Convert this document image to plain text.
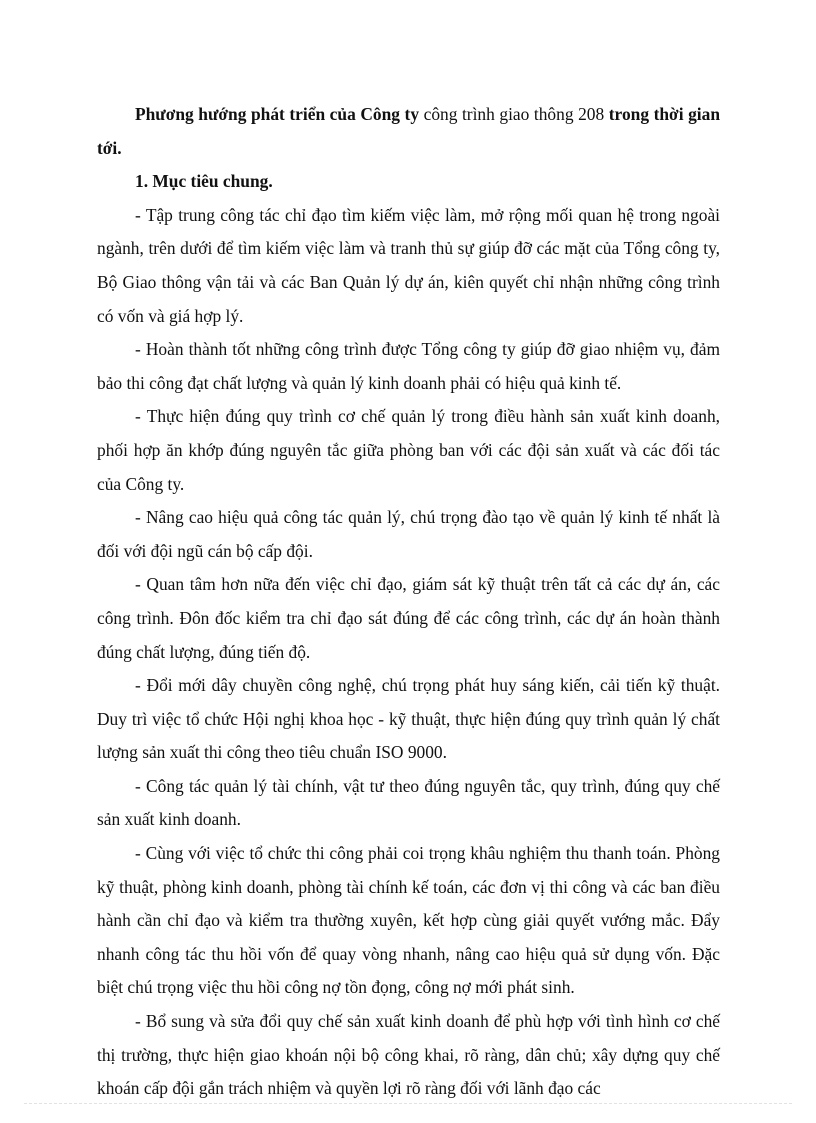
Phương hướng phát triển của Công ty công trình giao thông 208 trong thời gian tới.

1. Mục tiêu chung.

- Tập trung công tác chỉ đạo tìm kiếm việc làm, mở rộng mối quan hệ trong ngoài ngành, trên dưới để tìm kiếm việc làm và tranh thủ sự giúp đỡ các mặt của Tổng công ty, Bộ Giao thông vận tải và các Ban Quản lý dự án, kiên quyết chỉ nhận những công trình có vốn và giá hợp lý.

- Hoàn thành tốt những công trình được Tổng công ty giúp đỡ giao nhiệm vụ, đảm bảo thi công đạt chất lượng và quản lý kinh doanh phải có hiệu quả kinh tế.

- Thực hiện đúng quy trình cơ chế quản lý trong điều hành sản xuất kinh doanh, phối hợp ăn khớp đúng nguyên tắc giữa phòng ban với các đội sản xuất và các đối tác của Công ty.

- Nâng cao hiệu quả công tác quản lý, chú trọng đào tạo về quản lý kinh tế nhất là đối với đội ngũ cán bộ cấp đội.

- Quan tâm hơn nữa đến việc chỉ đạo, giám sát kỹ thuật trên tất cả các dự án, các công trình. Đôn đốc kiểm tra chỉ đạo sát đúng để các công trình, các dự án hoàn thành đúng chất lượng, đúng tiến độ.

- Đổi mới dây chuyền công nghệ, chú trọng phát huy sáng kiến, cải tiến kỹ thuật. Duy trì việc tổ chức Hội nghị khoa học - kỹ thuật, thực hiện đúng quy trình quản lý chất lượng sản xuất thi công theo tiêu chuẩn ISO 9000.

- Công tác quản lý tài chính, vật tư theo đúng nguyên tắc, quy trình, đúng quy chế sản xuất kinh doanh.

- Cùng với việc tổ chức thi công phải coi trọng khâu nghiệm thu thanh toán. Phòng kỹ thuật, phòng kinh doanh, phòng tài chính kế toán, các đơn vị thi công và các ban điều hành cần chỉ đạo và kiểm tra thường xuyên, kết hợp cùng giải quyết vướng mắc. Đẩy nhanh công tác thu hồi vốn để quay vòng nhanh, nâng cao hiệu quả sử dụng vốn. Đặc biệt chú trọng việc thu hồi công nợ tồn đọng, công nợ mới phát sinh.

- Bổ sung và sửa đổi quy chế sản xuất kinh doanh để phù hợp với tình hình cơ chế thị trường, thực hiện giao khoán nội bộ công khai, rõ ràng, dân chủ; xây dựng quy chế khoán cấp đội gắn trách nhiệm và quyền lợi rõ ràng đối với lãnh đạo các
